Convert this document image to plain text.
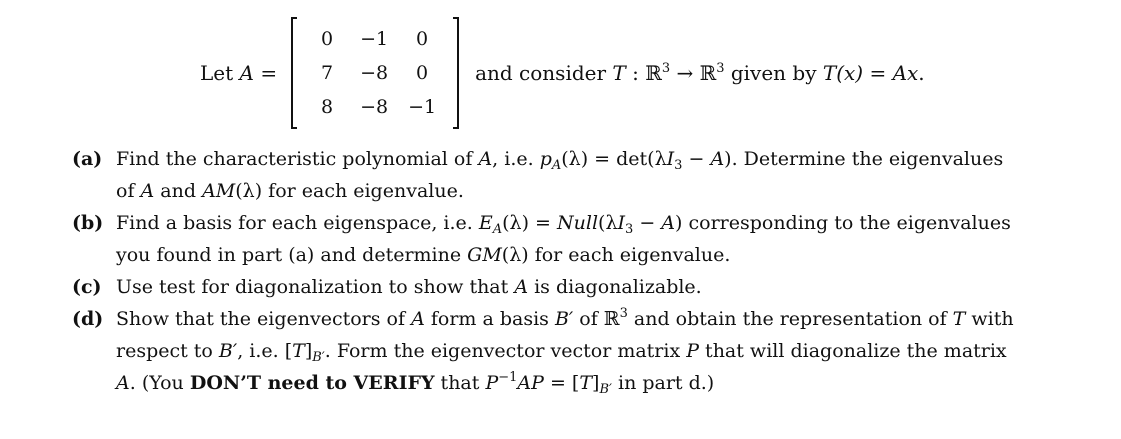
Let A =
0	−1	0
7	−8	0
8	−8	−1
and consider T : ℝ$^3$ → ℝ$^3$ given by T(x) = Ax.
(a) Find the characteristic polynomial of A, i.e. $p_A(\lambda) = \det(\lambda I_3 - A)$. Determine the eigenvalues
of A and AM(λ) for each eigenvalue.
(b) Find a basis for each eigenspace, i.e. $E_A(\lambda)$ = $Null(\lambda I_3 - A)$ corresponding to the eigenvalues
you found in part (a) and determine GM(λ) for each eigenvalue.
(c) Use test for diagonalization to show that A is diagonalizable.
(d) Show that the eigenvectors of A form a basis B′ of ℝ$^3$ and obtain the representation of T with
respect to B′, i.e. $[T]_{B'}$. Form the eigenvector vector matrix P that will diagonalize the matrix
A. (You DON’T need to VERIFY that $P^{-1}AP = [T]_{B'}$ in part d.)
